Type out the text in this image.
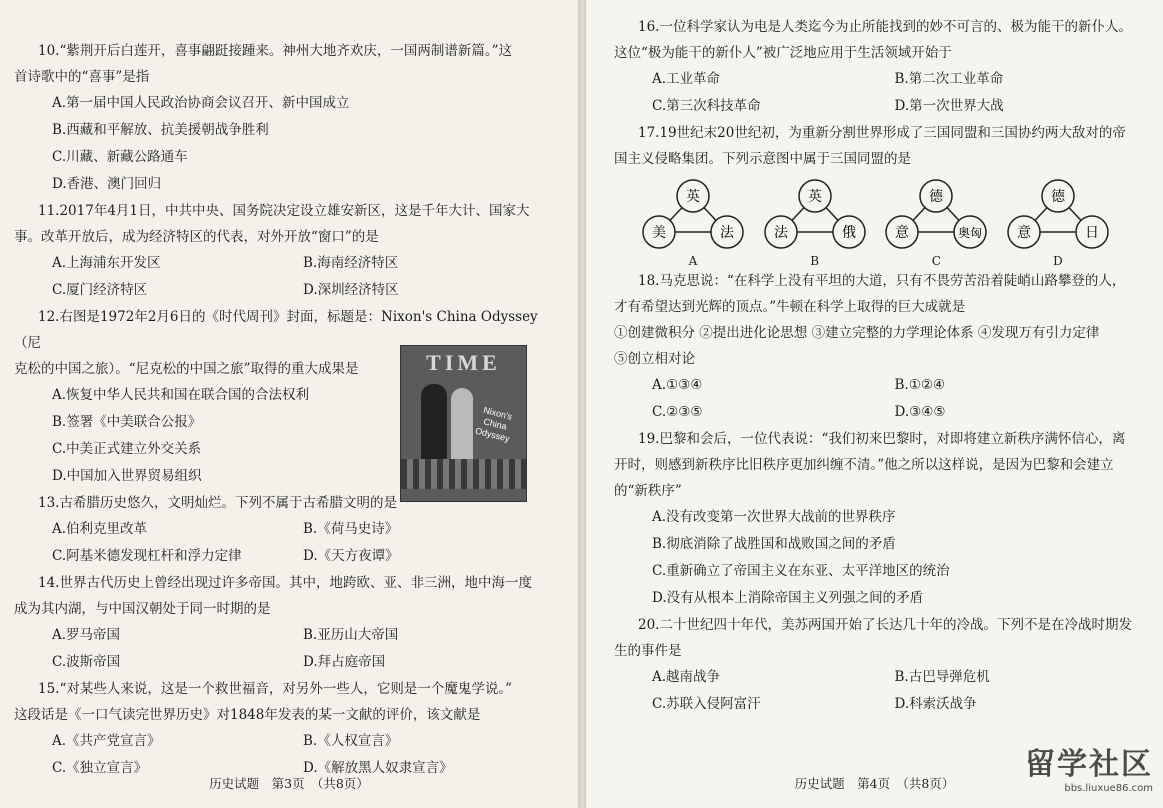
10.“紫荆开后白莲开，喜事翩跹接踵来。神州大地齐欢庆，一国两制谱新篇。”这

首诗歌中的“喜事”是指

A.第一届中国人民政治协商会议召开、新中国成立
B.西藏和平解放、抗美援朝战争胜利
C.川藏、新藏公路通车
D.香港、澳门回归

11.2017年4月1日，中共中央、国务院决定设立雄安新区，这是千年大计、国家大

事。改革开放后，成为经济特区的代表，对外开放“窗口”的是

A.上海浦东开发区	B.海南经济特区
C.厦门经济特区	D.深圳经济特区

12.右图是1972年2月6日的《时代周刊》封面，标题是：Nixon's China Odyssey（尼

克松的中国之旅）。“尼克松的中国之旅”取得的重大成果是

A.恢复中华人民共和国在联合国的合法权利
B.签署《中美联合公报》
C.中美正式建立外交关系
D.中国加入世界贸易组织

13.古希腊历史悠久，文明灿烂。下列不属于古希腊文明的是

A.伯利克里改革	B.《荷马史诗》
C.阿基米德发现杠杆和浮力定律	D.《天方夜谭》

14.世界古代历史上曾经出现过许多帝国。其中，地跨欧、亚、非三洲，地中海一度

成为其内湖，与中国汉朝处于同一时期的是

A.罗马帝国	B.亚历山大帝国
C.波斯帝国	D.拜占庭帝国

15.“对某些人来说，这是一个救世福音，对另外一些人，它则是一个魔鬼学说。”

这段话是《一口气读完世界历史》对1848年发表的某一文献的评价，该文献是

A.《共产党宣言》	B.《人权宣言》
C.《独立宣言》	D.《解放黑人奴隶宣言》
TIME
Nixon's China Odyssey
历史试题　第3页　（共8页）

16.一位科学家认为电是人类迄今为止所能找到的妙不可言的、极为能干的新仆人。

这位“极为能干的新仆人”被广泛地应用于生活领域开始于

A.工业革命	B.第二次工业革命
C.第三次科技革命	D.第一次世界大战

17.19世纪末20世纪初，为重新分割世界形成了三国同盟和三国协约两大敌对的帝

国主义侵略集团。下列示意图中属于三国同盟的是

英
美	法
A
英
法	俄
B
德
意	奥匈
C
德
意	日
D

18.马克思说：“在科学上没有平坦的大道，只有不畏劳苦沿着陡峭山路攀登的人，

才有希望达到光辉的顶点。”牛顿在科学上取得的巨大成就是

①创建微积分 ②提出进化论思想 ③建立完整的力学理论体系 ④发现万有引力定律

⑤创立相对论

A.①③④	B.①②④
C.②③⑤	D.③④⑤

19.巴黎和会后，一位代表说：“我们初来巴黎时，对即将建立新秩序满怀信心，离

开时，则感到新秩序比旧秩序更加纠缠不清。”他之所以这样说，是因为巴黎和会建立

的“新秩序”

A.没有改变第一次世界大战前的世界秩序
B.彻底消除了战胜国和战败国之间的矛盾
C.重新确立了帝国主义在东亚、太平洋地区的统治
D.没有从根本上消除帝国主义列强之间的矛盾

20.二十世纪四十年代，美苏两国开始了长达几十年的冷战。下列不是在冷战时期发

生的事件是

A.越南战争	B.古巴导弹危机
C.苏联入侵阿富汗	D.科索沃战争
历史试题　第4页　（共8页）
留学社区
bbs.liuxue86.com
